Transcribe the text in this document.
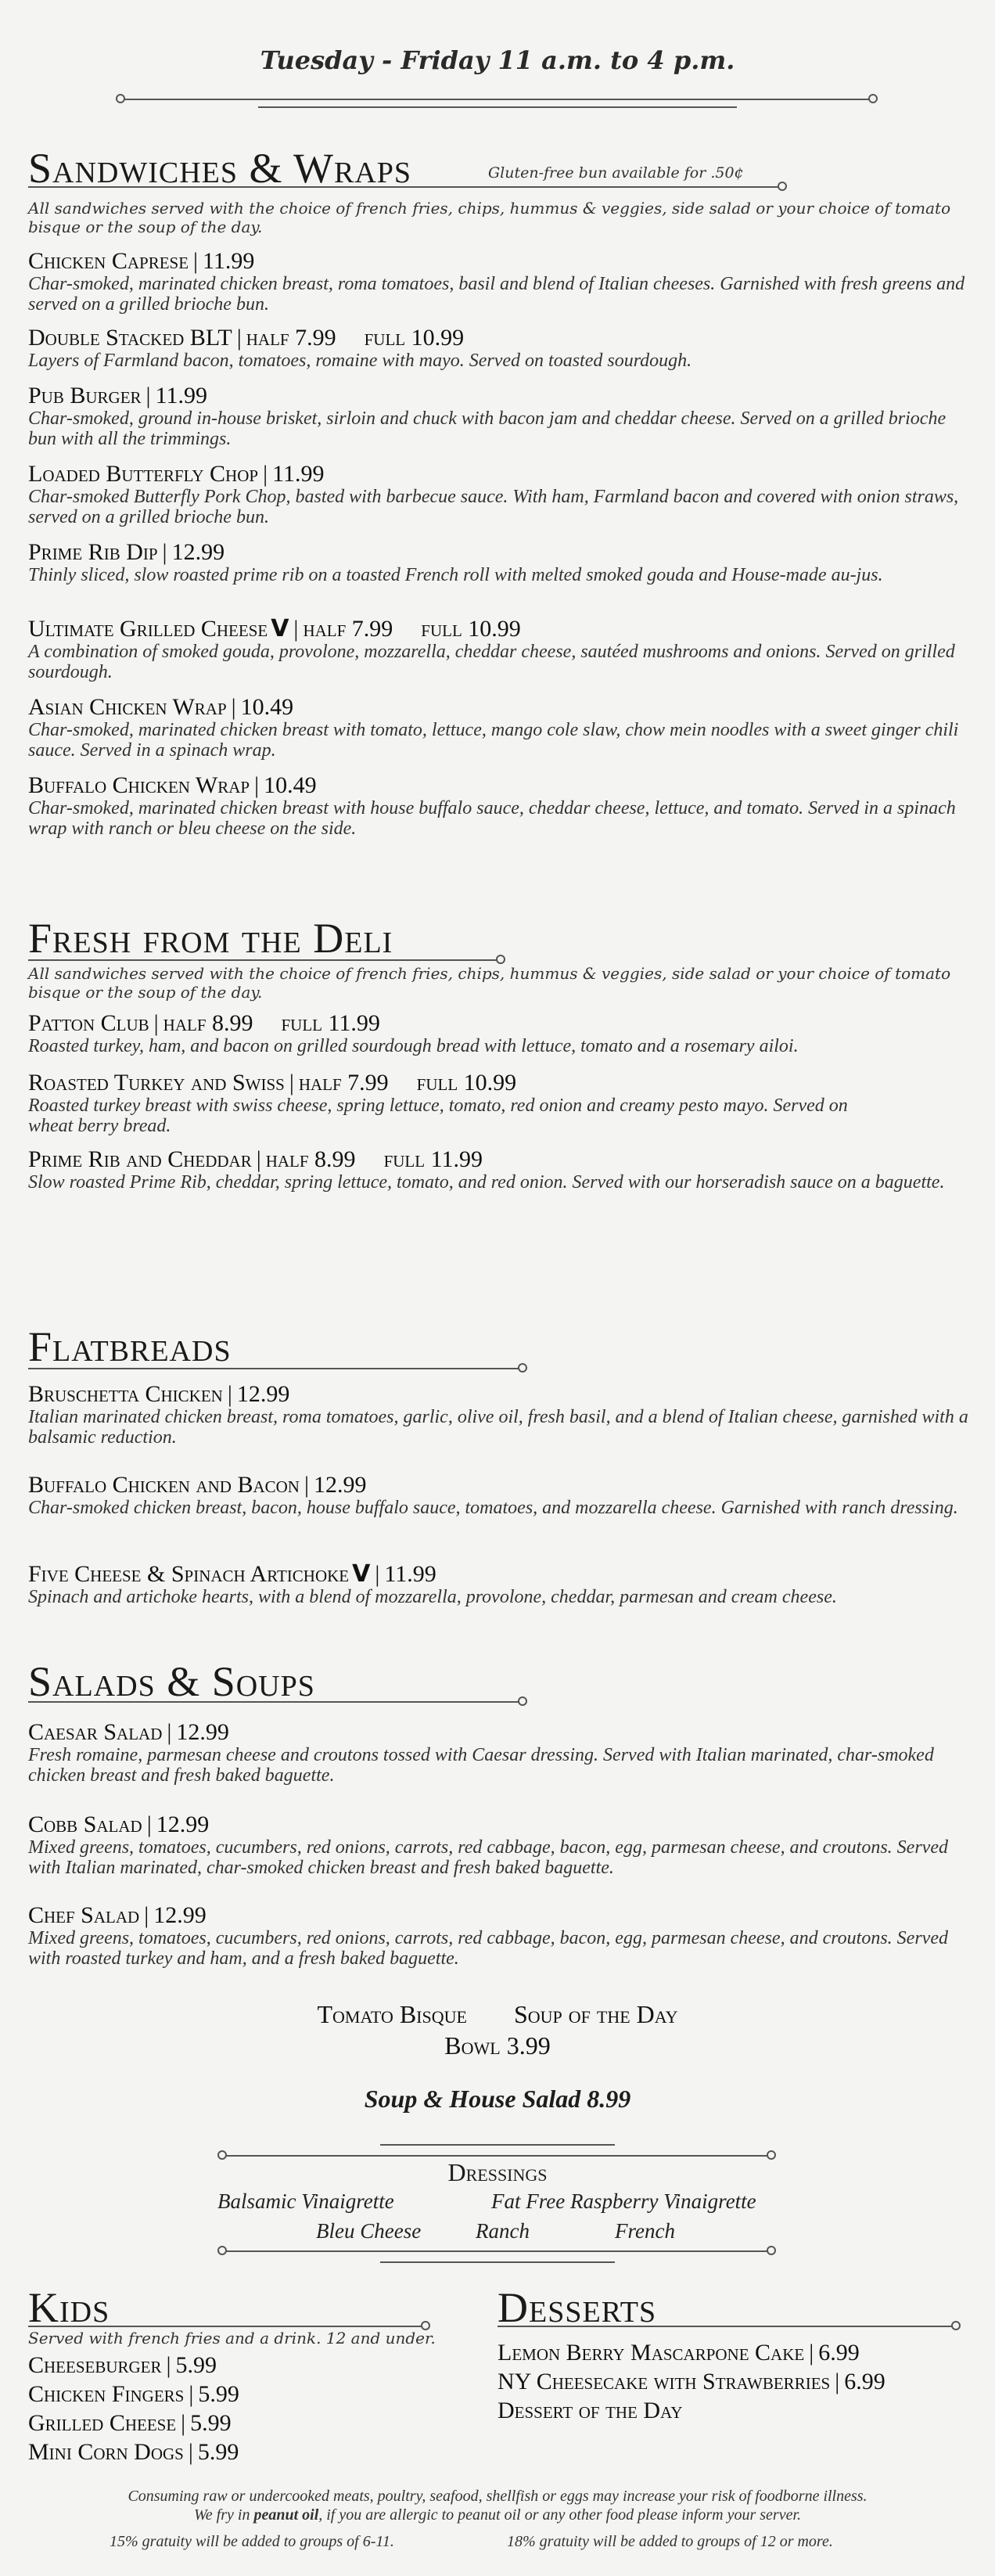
Tuesday - Friday 11 a.m. to 4 p.m.
Sandwiches & Wraps	Gluten-free bun available for .50¢
All sandwiches served with the choice of french fries, chips, hummus & veggies, side salad or your choice of tomato bisque or the soup of the day.
Chicken Caprese | 11.99
Char-smoked, marinated chicken breast, roma tomatoes, basil and blend of Italian cheeses. Garnished with fresh greens and served on a grilled brioche bun.
Double Stacked BLT | half 7.99 full 10.99
Layers of Farmland bacon, tomatoes, romaine with mayo. Served on toasted sourdough.
Pub Burger | 11.99
Char-smoked, ground in-house brisket, sirloin and chuck with bacon jam and cheddar cheese. Served on a grilled brioche bun with all the trimmings.
Loaded Butterfly Chop | 11.99
Char-smoked Butterfly Pork Chop, basted with barbecue sauce. With ham, Farmland bacon and covered with onion straws, served on a grilled brioche bun.
Prime Rib Dip | 12.99
Thinly sliced, slow roasted prime rib on a toasted French roll with melted smoked gouda and House-made au-jus.
Ultimate Grilled Cheese V | half 7.99 full 10.99
A combination of smoked gouda, provolone, mozzarella, cheddar cheese, sautéed mushrooms and onions. Served on grilled sourdough.
Asian Chicken Wrap | 10.49
Char-smoked, marinated chicken breast with tomato, lettuce, mango cole slaw, chow mein noodles with a sweet ginger chili sauce. Served in a spinach wrap.
Buffalo Chicken Wrap | 10.49
Char-smoked, marinated chicken breast with house buffalo sauce, cheddar cheese, lettuce, and tomato. Served in a spinach wrap with ranch or bleu cheese on the side.
Fresh from the Deli
All sandwiches served with the choice of french fries, chips, hummus & veggies, side salad or your choice of tomato bisque or the soup of the day.
Patton Club | half 8.99 full 11.99
Roasted turkey, ham, and bacon on grilled sourdough bread with lettuce, tomato and a rosemary ailoi.
Roasted Turkey and Swiss | half 7.99 full 10.99
Roasted turkey breast with swiss cheese, spring lettuce, tomato, red onion and creamy pesto mayo. Served on wheat berry bread.
Prime Rib and Cheddar | half 8.99 full 11.99
Slow roasted Prime Rib, cheddar, spring lettuce, tomato, and red onion. Served with our horseradish sauce on a baguette.
Flatbreads
Bruschetta Chicken | 12.99
Italian marinated chicken breast, roma tomatoes, garlic, olive oil, fresh basil, and a blend of Italian cheese, garnished with a balsamic reduction.
Buffalo Chicken and Bacon | 12.99
Char-smoked chicken breast, bacon, house buffalo sauce, tomatoes, and mozzarella cheese. Garnished with ranch dressing.
Five Cheese & Spinach Artichoke V | 11.99
Spinach and artichoke hearts, with a blend of mozzarella, provolone, cheddar, parmesan and cream cheese.
Salads & Soups
Caesar Salad | 12.99
Fresh romaine, parmesan cheese and croutons tossed with Caesar dressing. Served with Italian marinated, char-smoked chicken breast and fresh baked baguette.
Cobb Salad | 12.99
Mixed greens, tomatoes, cucumbers, red onions, carrots, red cabbage, bacon, egg, parmesan cheese, and croutons. Served with Italian marinated, char-smoked chicken breast and fresh baked baguette.
Chef Salad | 12.99
Mixed greens, tomatoes, cucumbers, red onions, carrots, red cabbage, bacon, egg, parmesan cheese, and croutons. Served with roasted turkey and ham, and a fresh baked baguette.
Tomato Bisque Soup of the Day
Bowl 3.99
Soup & House Salad 8.99
Dressings
Balsamic Vinaigrette	Fat Free Raspberry Vinaigrette
Bleu Cheese	Ranch	French
Kids
Served with french fries and a drink. 12 and under.
Cheeseburger | 5.99
Chicken Fingers | 5.99
Grilled Cheese | 5.99
Mini Corn Dogs | 5.99
Desserts
Lemon Berry Mascarpone Cake | 6.99
NY Cheesecake with Strawberries | 6.99
Dessert of the Day
Consuming raw or undercooked meats, poultry, seafood, shellfish or eggs may increase your risk of foodborne illness.
We fry in peanut oil, if you are allergic to peanut oil or any other food please inform your server.
15% gratuity will be added to groups of 6-11.	18% gratuity will be added to groups of 12 or more.
